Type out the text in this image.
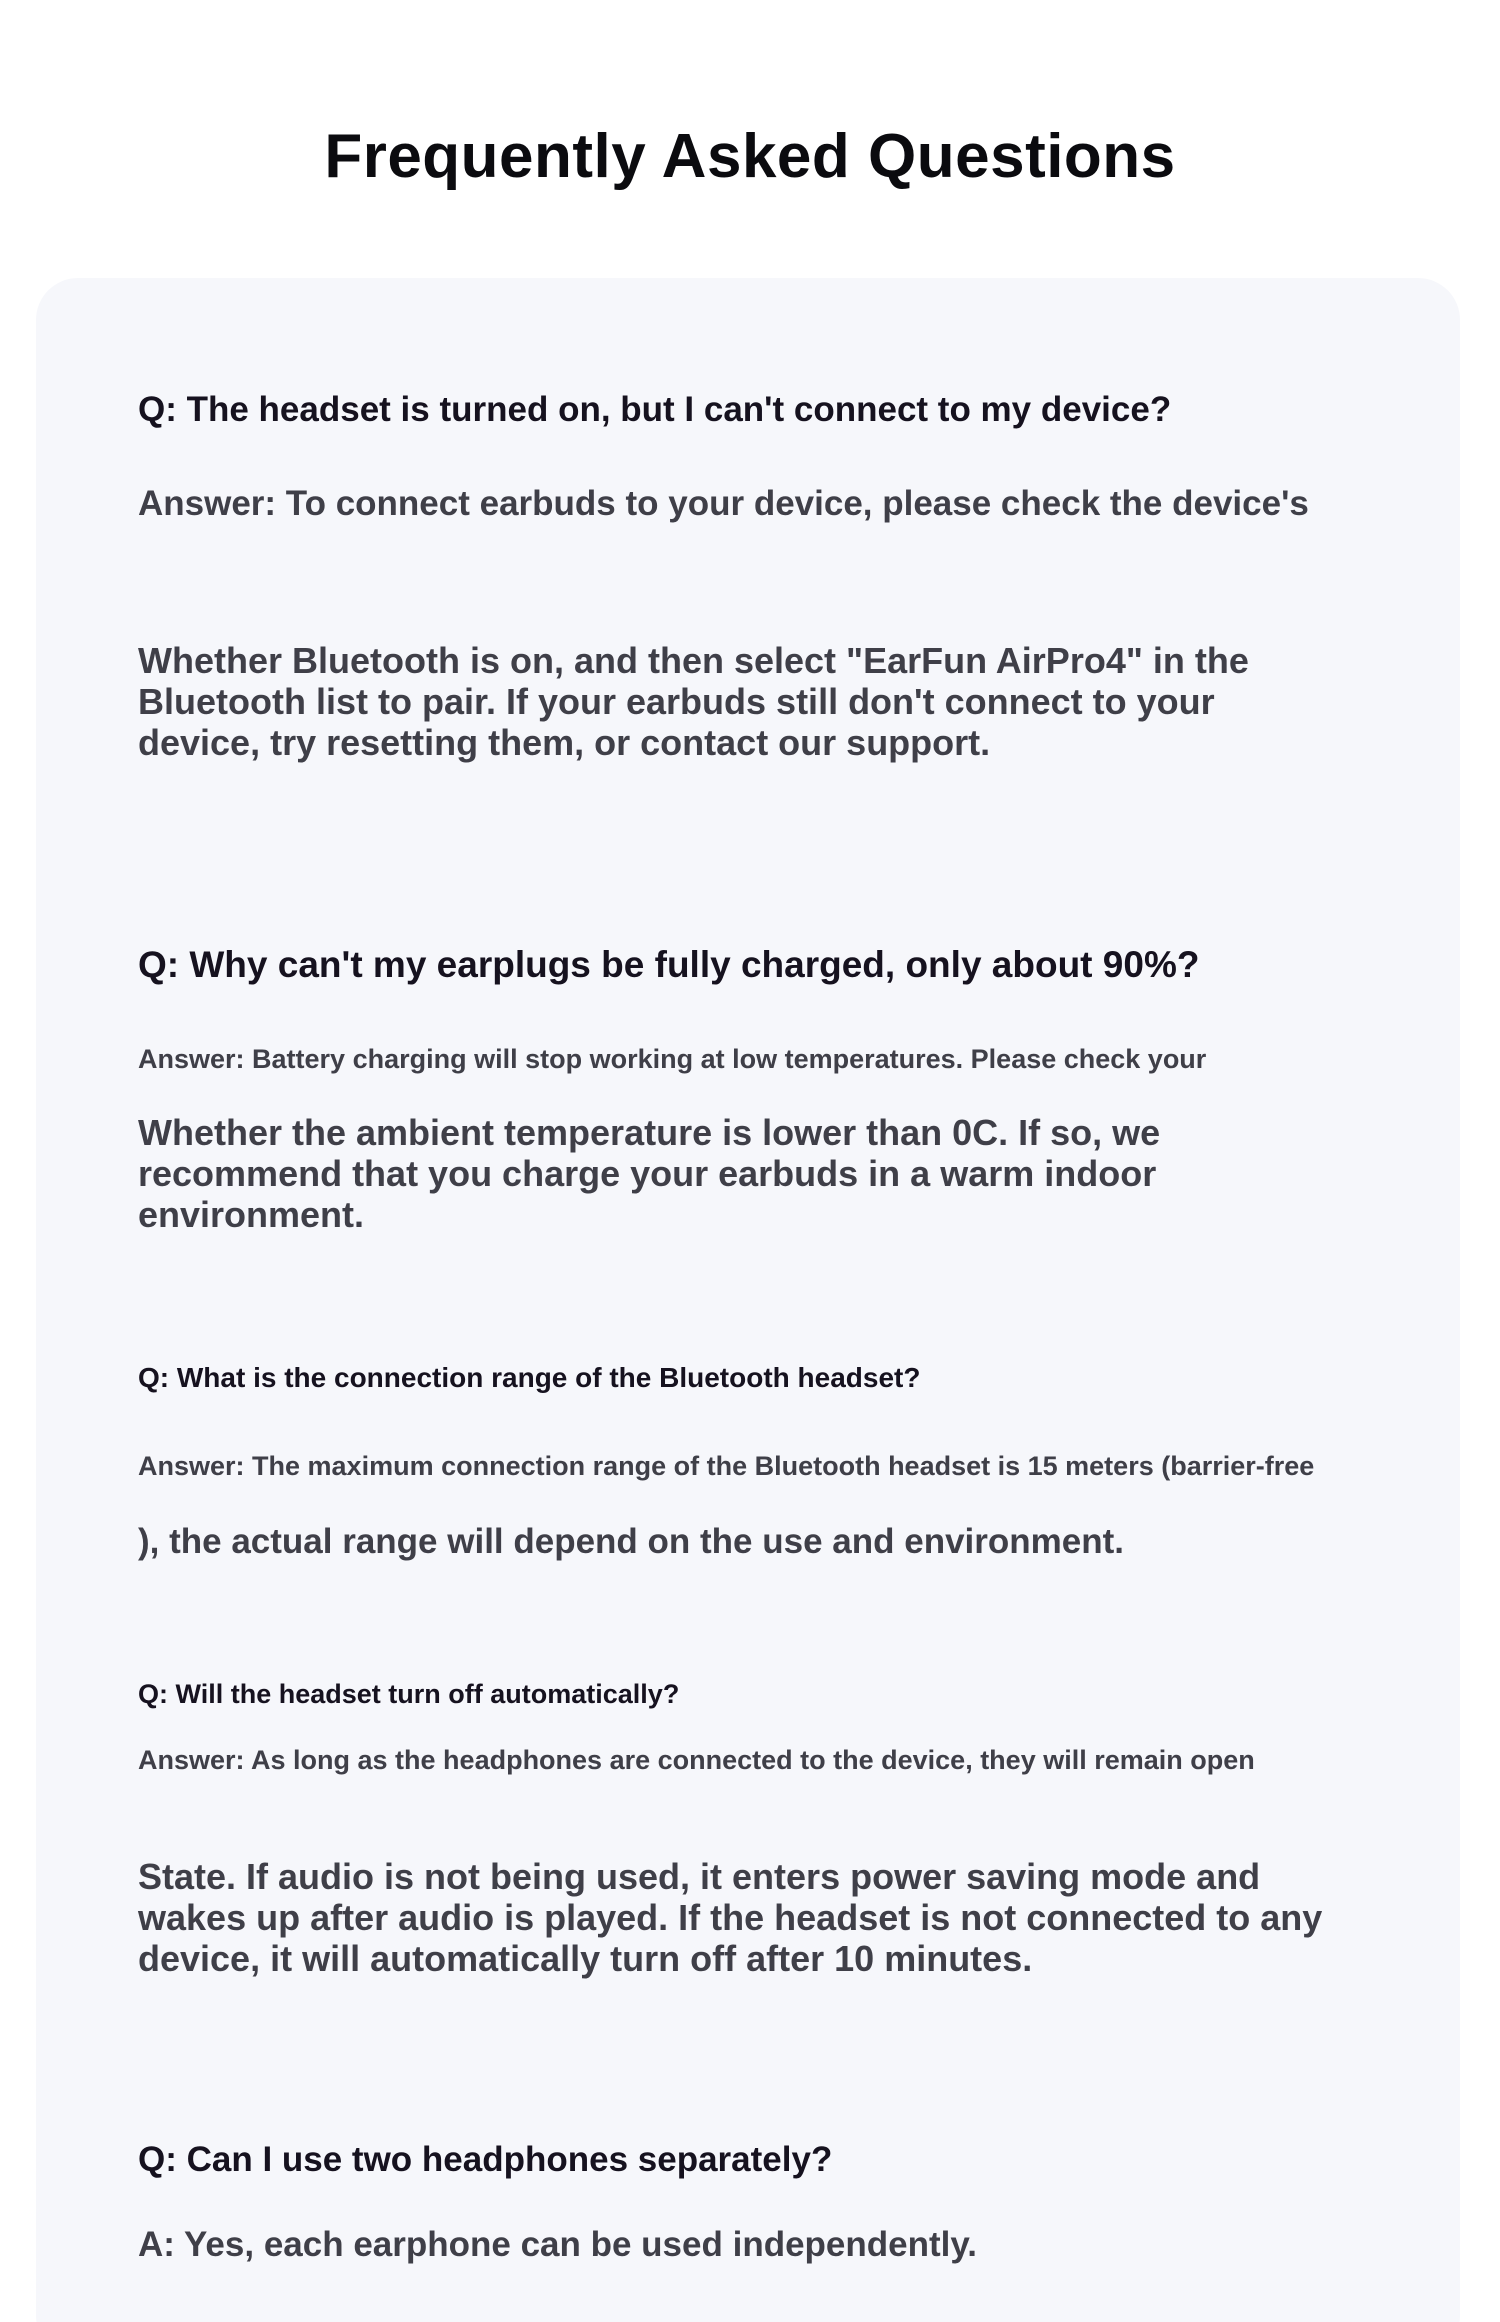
Frequently Asked Questions

Q: The headset is turned on, but I can't connect to my device?

Answer: To connect earbuds to your device, please check the device's

Whether Bluetooth is on, and then select "EarFun AirPro4" in the Bluetooth list to pair. If your earbuds still don't connect to your device, try resetting them, or contact our support.

Q: Why can't my earplugs be fully charged, only about 90%?

Answer: Battery charging will stop working at low temperatures. Please check your

Whether the ambient temperature is lower than 0C. If so, we recommend that you charge your earbuds in a warm indoor environment.

Q: What is the connection range of the Bluetooth headset?

Answer: The maximum connection range of the Bluetooth headset is 15 meters (barrier-free

), the actual range will depend on the use and environment.

Q: Will the headset turn off automatically?

Answer: As long as the headphones are connected to the device, they will remain open

State. If audio is not being used, it enters power saving mode and wakes up after audio is played. If the headset is not connected to any device, it will automatically turn off after 10 minutes.

Q: Can I use two headphones separately?

A: Yes, each earphone can be used independently.
